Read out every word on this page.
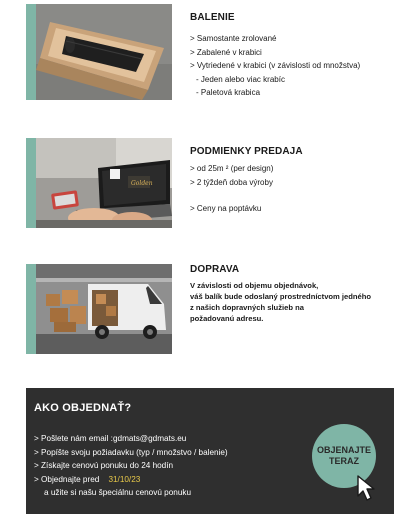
BALENIE
> Samostante zrolované
> Zabalené v krabici
> Vytriedené v krabici (v závislosti od množstva)
- Jeden alebo viac krabíc
- Paletová krabica
Golden
PODMIENKY PREDAJA
> od 25m ² (per design)
> 2 týždeň doba výroby
> Ceny na poptávku
DOPRAVA
V závislosti od objemu objednávok,
váš balík bude odoslaný prostredníctvom jedného
z našich dopravných služieb na
požadovanú adresu.
AKO OBJEDNAŤ?
> Pošlete nám email :gdmats@gdmats.eu
> Popíšte svoju požiadavku (typ / množstvo / balenie)
> Získajte cenovú ponuku do 24 hodín
> Objednajte pred 31/10/23
a užite si našu špeciálnu cenovú ponuku
OBJENAJTE
TERAZ
